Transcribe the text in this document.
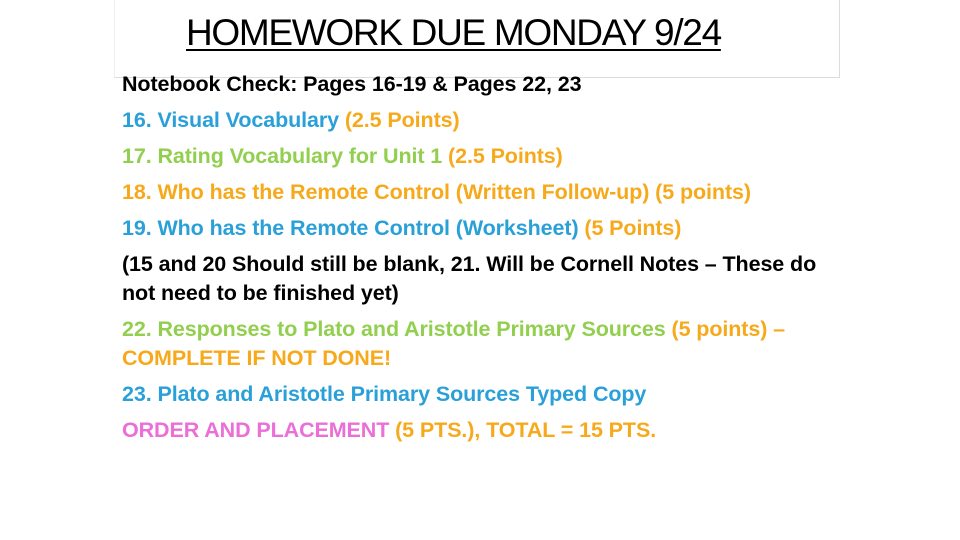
HOMEWORK DUE MONDAY 9/24

Notebook Check: Pages 16-19 & Pages 22, 23

16. Visual Vocabulary (2.5 Points)

17. Rating Vocabulary for Unit 1 (2.5 Points)

18. Who has the Remote Control (Written Follow-up) (5 points)

19. Who has the Remote Control (Worksheet) (5 Points)

(15 and 20 Should still be blank, 21. Will be Cornell Notes – These do not need to be finished yet)

22. Responses to Plato and Aristotle Primary Sources (5 points) – COMPLETE IF NOT DONE!

23. Plato and Aristotle Primary Sources Typed Copy

ORDER AND PLACEMENT (5 PTS.), TOTAL = 15 PTS.
